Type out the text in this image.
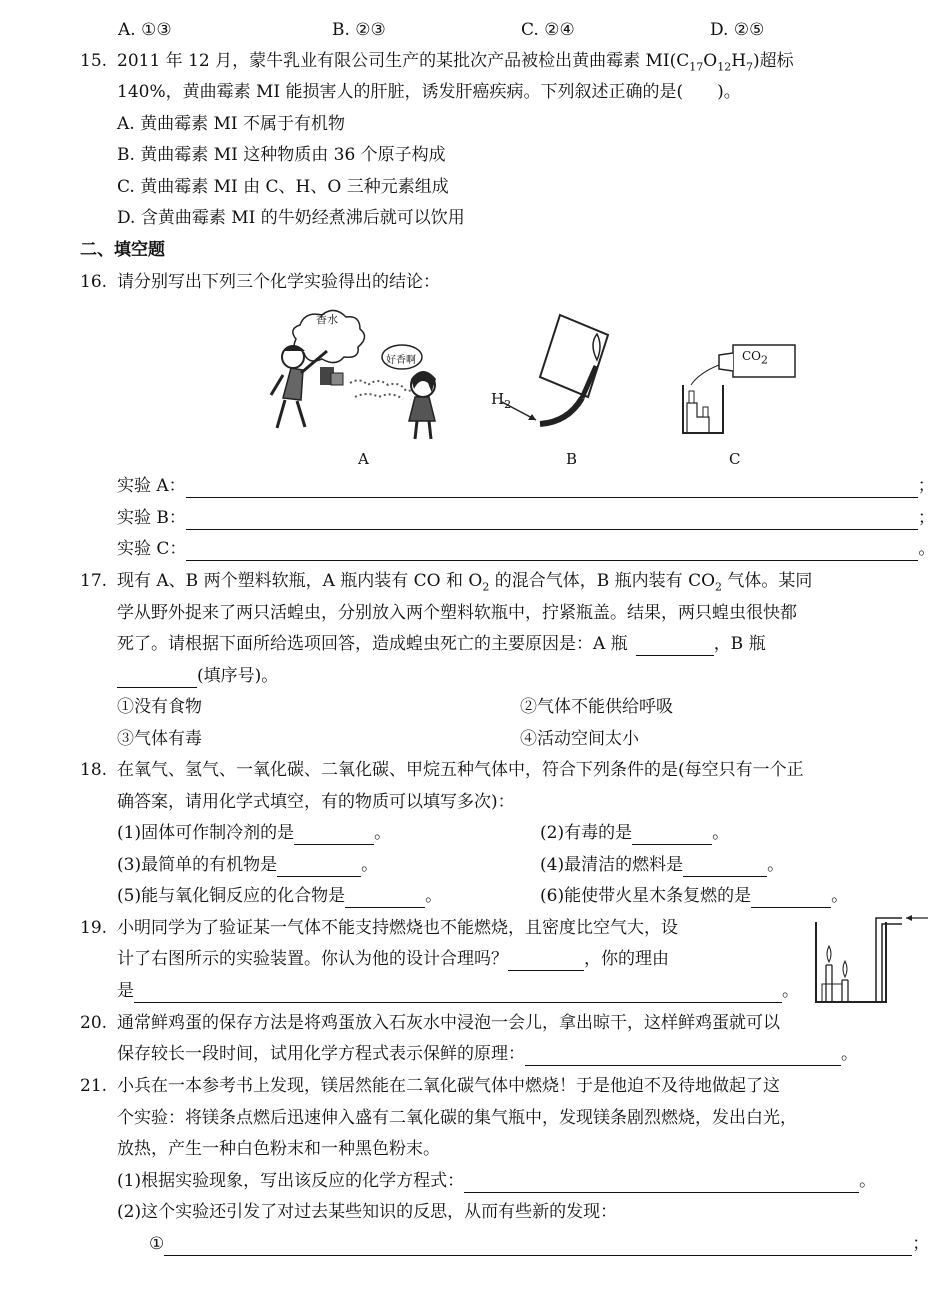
A. ①③	B. ②③	C. ②④	D. ②⑤
15. 2011 年 12 月，蒙牛乳业有限公司生产的某批次产品被检出黄曲霉素 $MI(C_{17}O_{12}H_7)$超标
140%，黄曲霉素 MI 能损害人的肝脏，诱发肝癌疾病。下列叙述正确的是(　　)。
A. 黄曲霉素 MI 不属于有机物
B. 黄曲霉素 MI 这种物质由 36 个原子构成
C. 黄曲霉素 MI 由 C、H、O 三种元素组成
D. 含黄曲霉素 MI 的牛奶经煮沸后就可以饮用
二、填空题
16. 请分别写出下列三个化学实验得出的结论：
香水
好香啊
A
$H_2$
B
$CO_2$
C
实验 A：	；
实验 B：	；
实验 C：	。
17. 现有 A、B 两个塑料软瓶，A 瓶内装有 CO 和 $O_2$ 的混合气体，B 瓶内装有 $CO_2$ 气体。某同
学从野外捉来了两只活蝗虫，分别放入两个塑料软瓶中，拧紧瓶盖。结果，两只蝗虫很快都
死了。请根据下面所给选项回答，造成蝗虫死亡的主要原因是：A 瓶	，B 瓶
(填序号)。
①没有食物	②气体不能供给呼吸
③气体有毒	④活动空间太小
18. 在氧气、氢气、一氧化碳、二氧化碳、甲烷五种气体中，符合下列条件的是(每空只有一个正
确答案，请用化学式填空，有的物质可以填写多次)：
(1)固体可作制冷剂的是	。	(2)有毒的是	。
(3)最简单的有机物是	。	(4)最清洁的燃料是	。
(5)能与氧化铜反应的化合物是	。	(6)能使带火星木条复燃的是	。
19. 小明同学为了验证某一气体不能支持燃烧也不能燃烧，且密度比空气大，设
计了右图所示的实验装置。你认为他的设计合理吗？	，你的理由
是	。
20. 通常鲜鸡蛋的保存方法是将鸡蛋放入石灰水中浸泡一会儿，拿出晾干，这样鲜鸡蛋就可以
保存较长一段时间，试用化学方程式表示保鲜的原理：	。
21. 小兵在一本参考书上发现，镁居然能在二氧化碳气体中燃烧！于是他迫不及待地做起了这
个实验：将镁条点燃后迅速伸入盛有二氧化碳的集气瓶中，发现镁条剧烈燃烧，发出白光，
放热，产生一种白色粉末和一种黑色粉末。
(1)根据实验现象，写出该反应的化学方程式：	。
(2)这个实验还引发了对过去某些知识的反思，从而有些新的发现：
①	；
